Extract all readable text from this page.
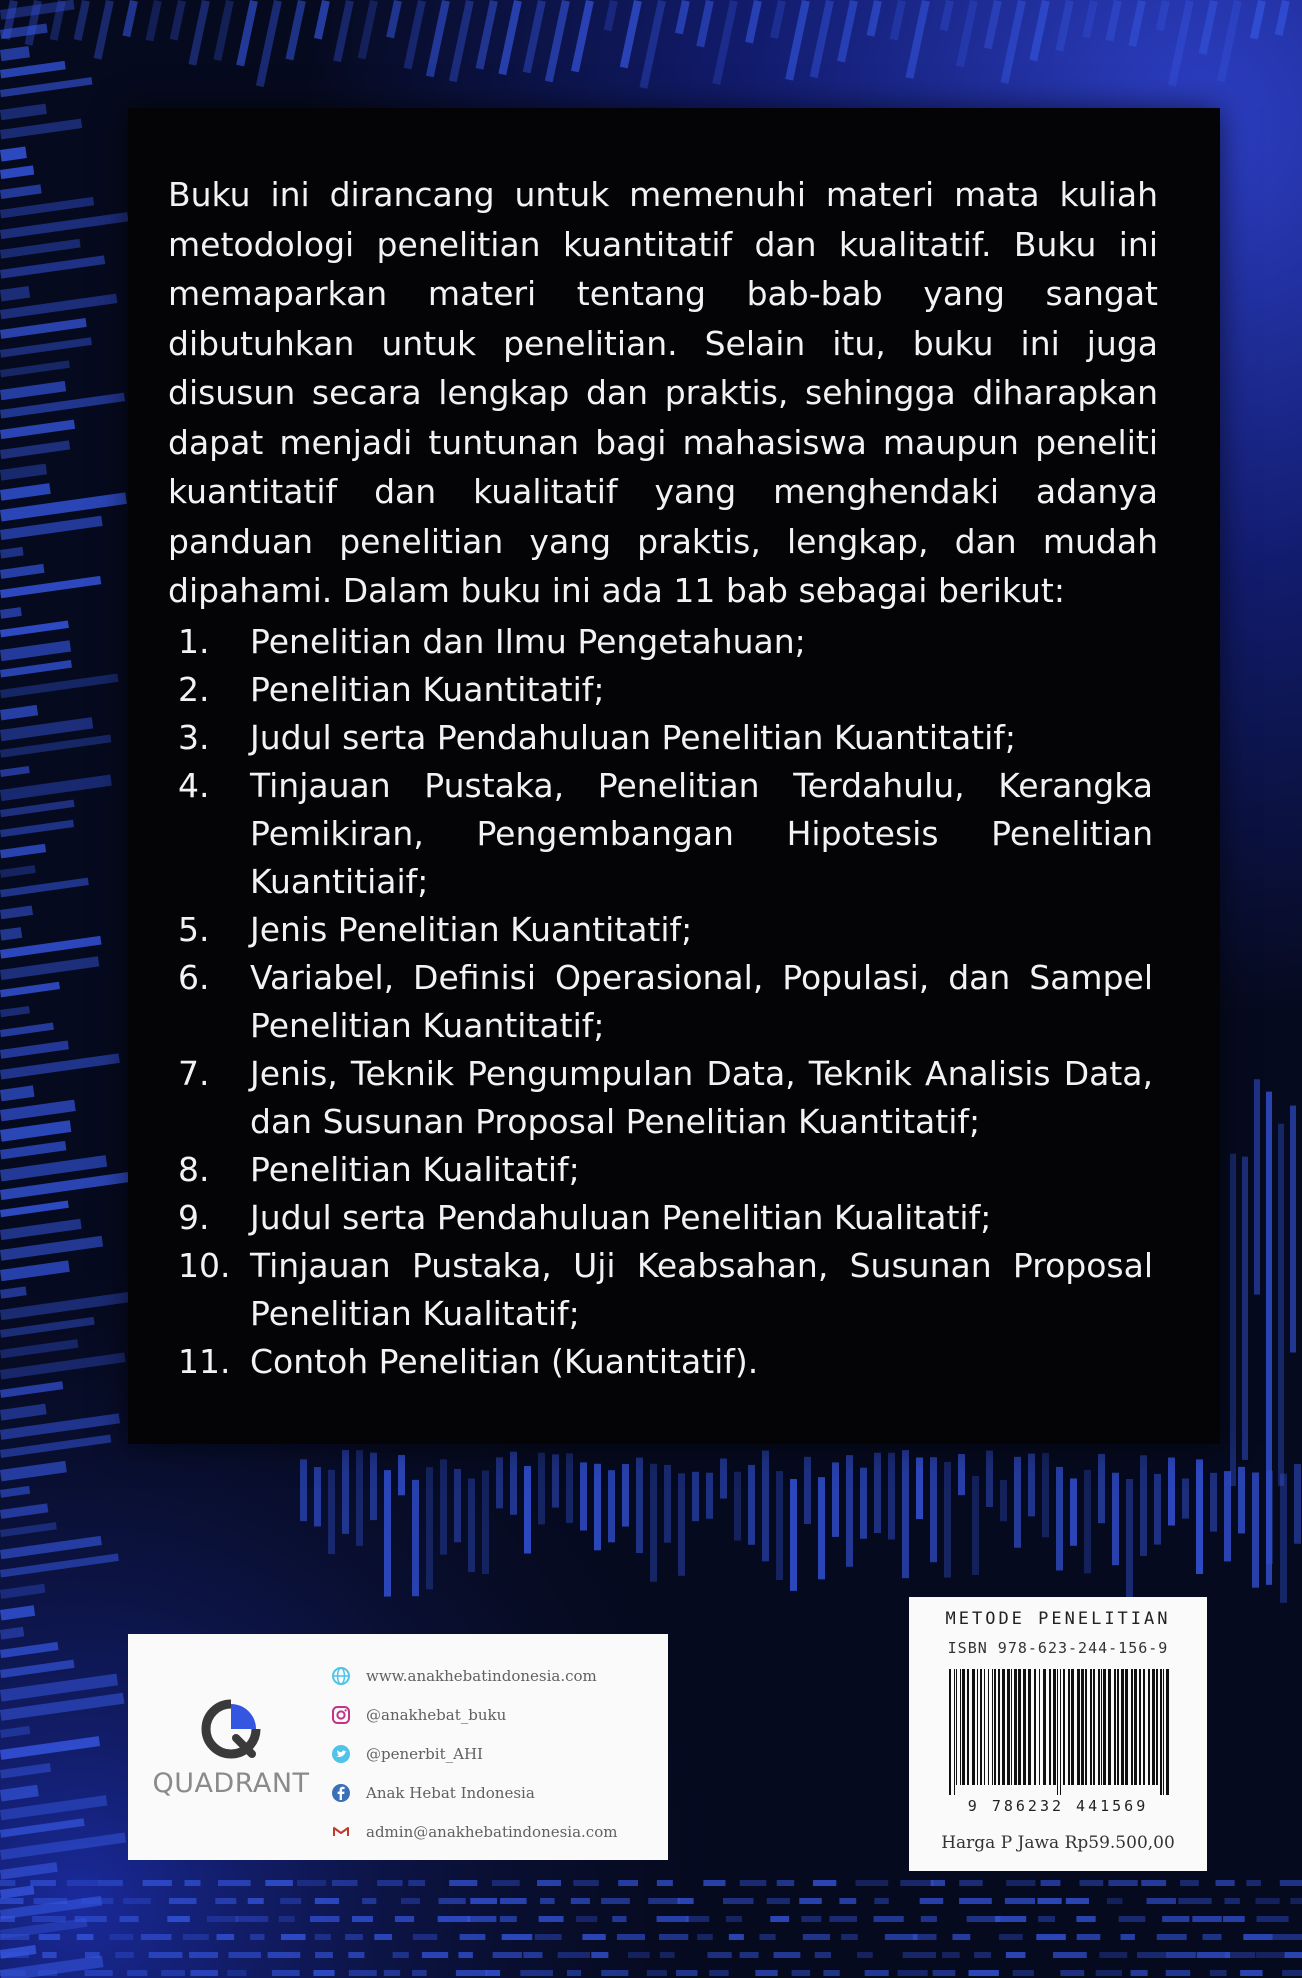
Buku ini dirancang untuk memenuhi materi mata kuliah metodologi penelitian kuantitatif dan kualitatif. Buku ini memaparkan materi tentang bab-bab yang sangat dibutuhkan untuk penelitian. Selain itu, buku ini juga disusun secara lengkap dan praktis, sehingga diharapkan dapat menjadi tuntunan bagi mahasiswa maupun peneliti kuantitatif dan kualitatif yang menghendaki adanya panduan penelitian yang praktis, lengkap, dan mudah dipahami. Dalam buku ini ada 11 bab sebagai berikut:

1.	Penelitian dan Ilmu Pengetahuan;
2.	Penelitian Kuantitatif;
3.	Judul serta Pendahuluan Penelitian Kuantitatif;
4.	Tinjauan Pustaka, Penelitian Terdahulu, Kerangka Pemikiran, Pengembangan Hipotesis Penelitian Kuantitiaif;
5.	Jenis Penelitian Kuantitatif;
6.	Variabel, Definisi Operasional, Populasi, dan Sampel Penelitian Kuantitatif;
7.	Jenis, Teknik Pengumpulan Data, Teknik Analisis Data, dan Susunan Proposal Penelitian Kuantitatif;
8.	Penelitian Kualitatif;
9.	Judul serta Pendahuluan Penelitian Kualitatif;
10. Tinjauan Pustaka, Uji Keabsahan, Susunan Proposal Penelitian Kualitatif;
11. Contoh Penelitian (Kuantitatif).
QUADRANT
www.anakhebatindonesia.com
@anakhebat_buku
@penerbit_AHI
Anak Hebat Indonesia
admin@anakhebatindonesia.com
METODE PENELITIAN
ISBN 978-623-244-156-9
9 786232 441569
Harga P Jawa Rp59.500,00
